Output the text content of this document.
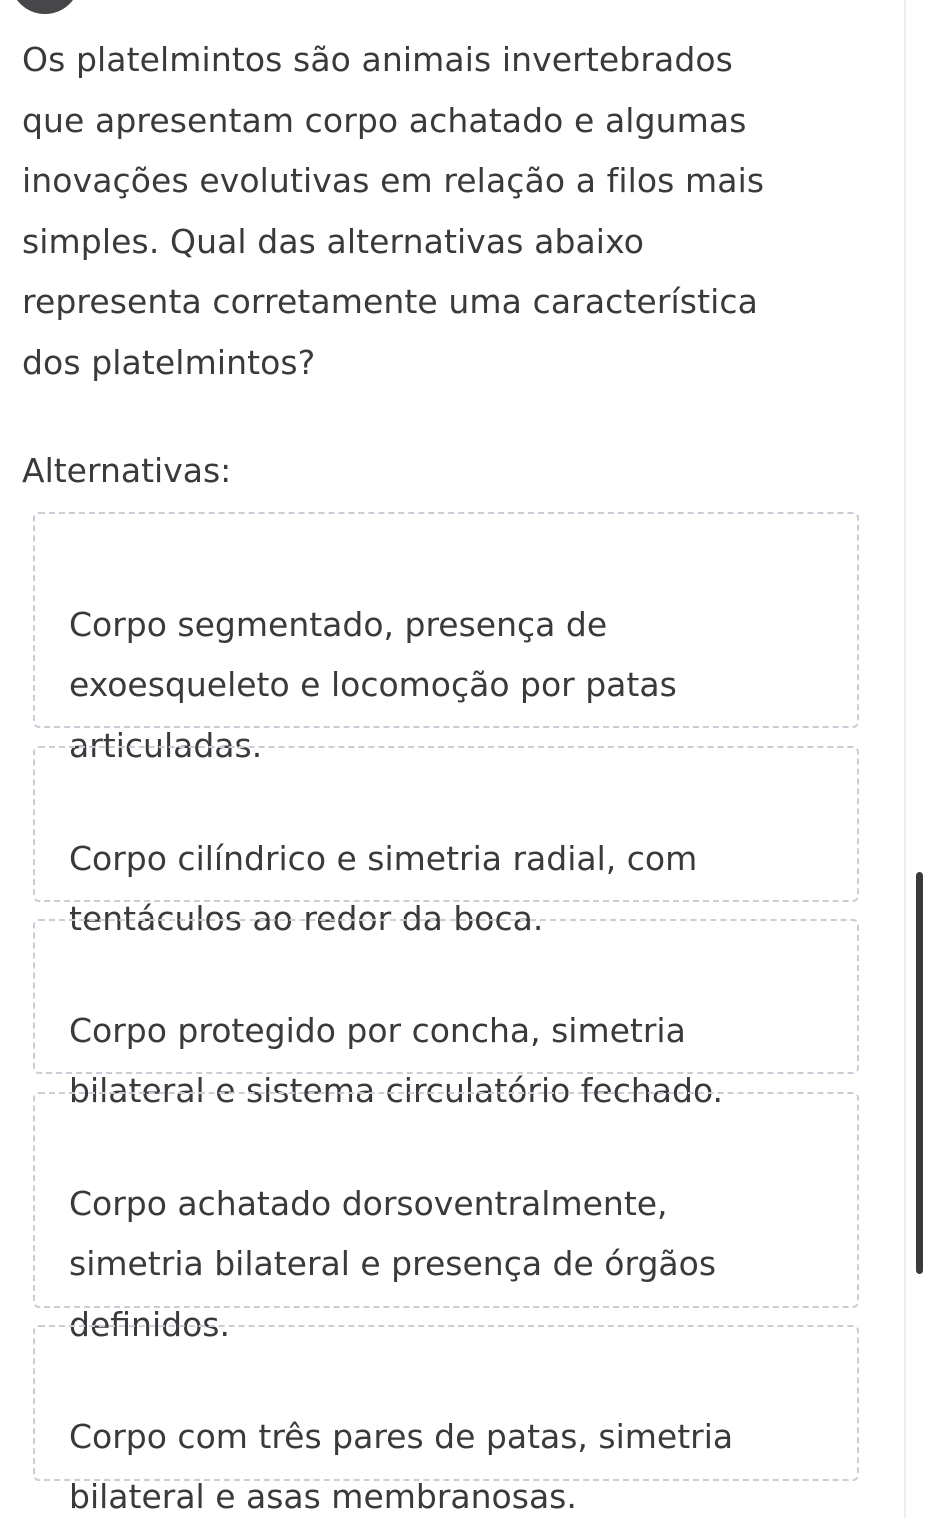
Os platelmintos são animais invertebrados
que apresentam corpo achatado e algumas
inovações evolutivas em relação a filos mais
simples. Qual das alternativas abaixo
representa corretamente uma característica
dos platelmintos?

Alternativas:

Corpo segmentado, presença de
exoesqueleto e locomoção por patas
articuladas.

Corpo cilíndrico e simetria radial, com
tentáculos ao redor da boca.

Corpo protegido por concha, simetria
bilateral e sistema circulatório fechado.

Corpo achatado dorsoventralmente,
simetria bilateral e presença de órgãos
definidos.

Corpo com três pares de patas, simetria
bilateral e asas membranosas.
